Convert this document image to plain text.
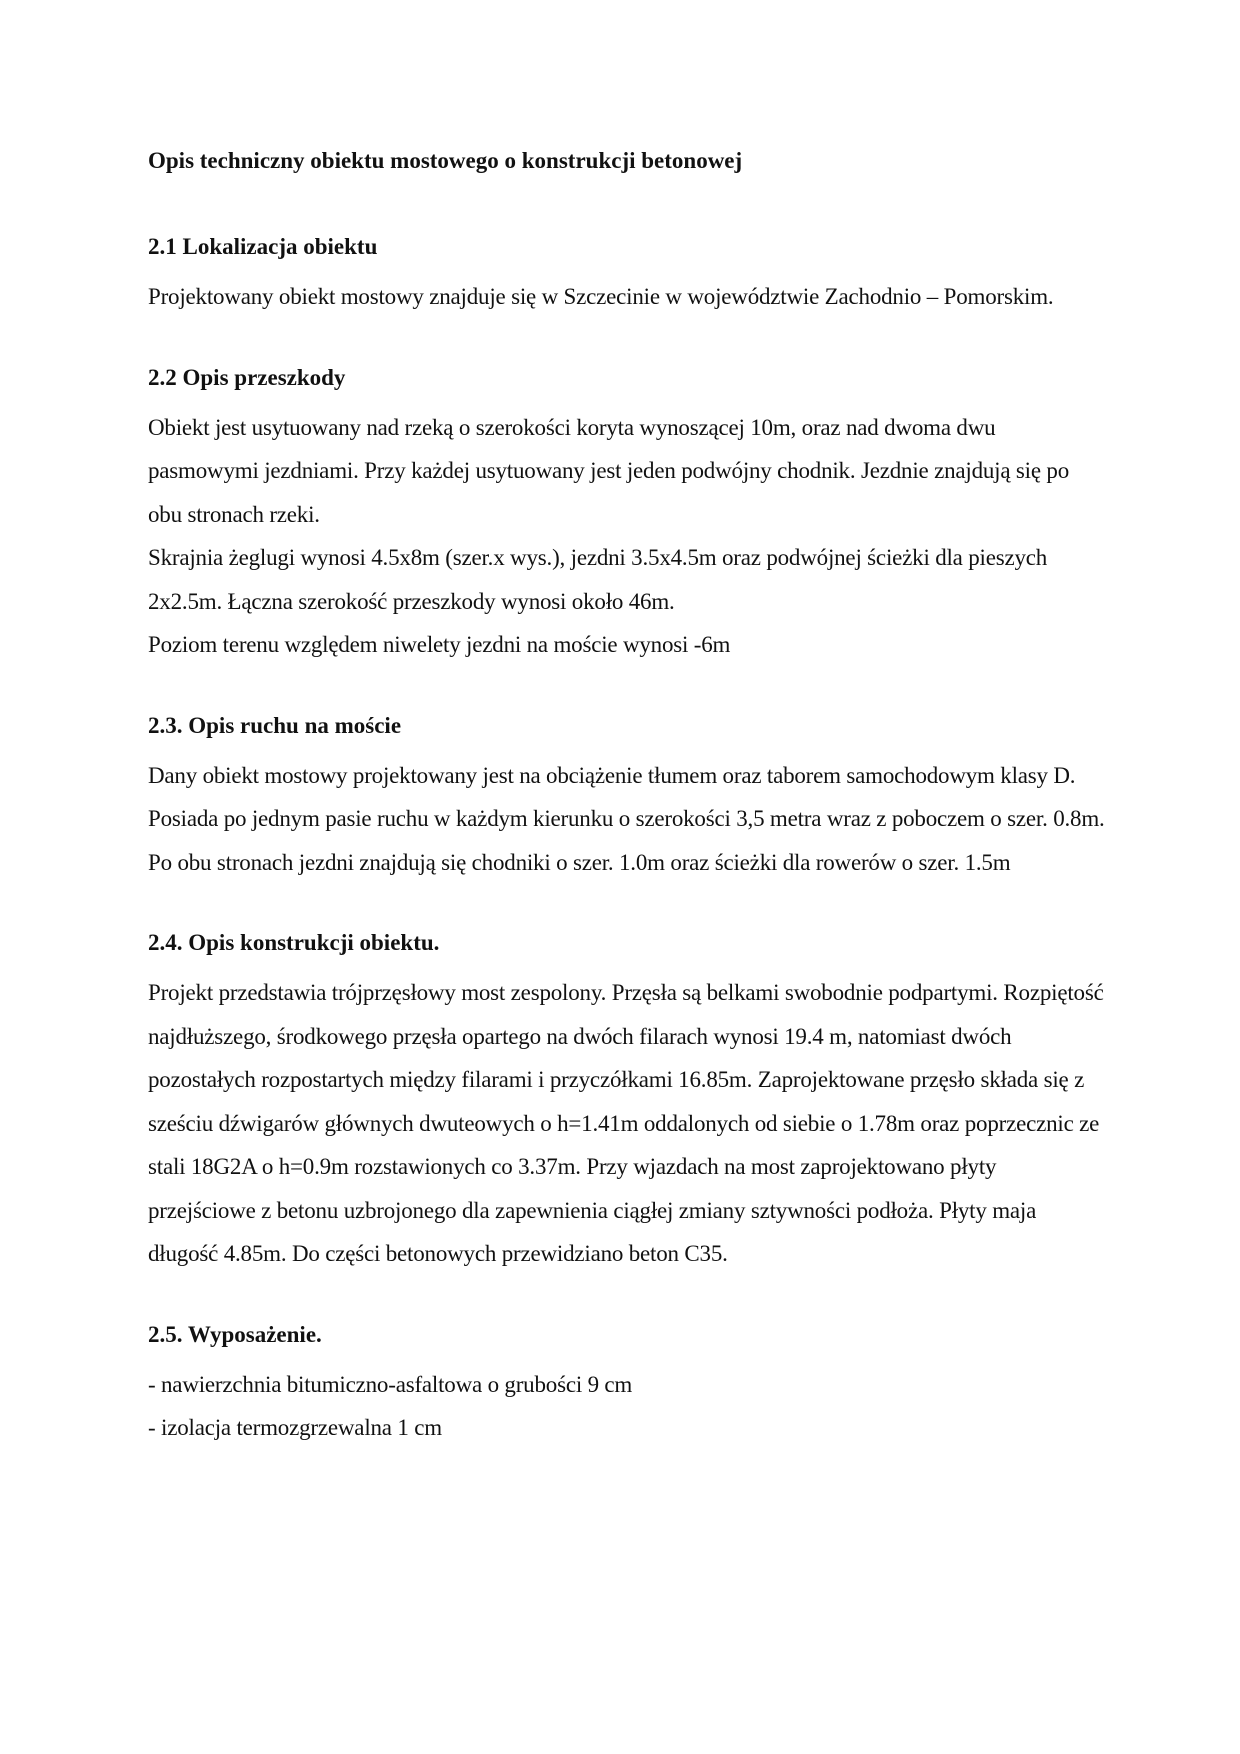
Opis techniczny obiektu mostowego o konstrukcji betonowej
2.1 Lokalizacja obiektu

Projektowany obiekt mostowy znajduje się w Szczecinie w województwie Zachodnio – Pomorskim.

2.2 Opis przeszkody

Obiekt jest usytuowany nad rzeką o szerokości koryta wynoszącej 10m, oraz nad dwoma dwu pasmowymi jezdniami. Przy każdej usytuowany jest jeden podwójny chodnik. Jezdnie znajdują się po obu stronach rzeki.

Skrajnia żeglugi wynosi 4.5x8m (szer.x wys.), jezdni 3.5x4.5m oraz podwójnej ścieżki dla pieszych 2x2.5m. Łączna szerokość przeszkody wynosi około 46m.

Poziom terenu względem niwelety jezdni na moście wynosi -6m

2.3. Opis ruchu na moście

Dany obiekt mostowy projektowany jest na obciążenie tłumem oraz taborem samochodowym klasy D.

Posiada po jednym pasie ruchu w każdym kierunku o szerokości 3,5 metra wraz z poboczem o szer. 0.8m. Po obu stronach jezdni znajdują się chodniki o szer. 1.0m oraz ścieżki dla rowerów o szer. 1.5m

2.4. Opis konstrukcji obiektu.

Projekt przedstawia trójprzęsłowy most zespolony. Przęsła są belkami swobodnie podpartymi. Rozpiętość najdłuższego, środkowego przęsła opartego na dwóch filarach wynosi 19.4 m, natomiast dwóch pozostałych rozpostartych między filarami i przyczółkami 16.85m. Zaprojektowane przęsło składa się z sześciu dźwigarów głównych dwuteowych o h=1.41m oddalonych od siebie o 1.78m oraz poprzecznic ze stali 18G2A o h=0.9m rozstawionych co 3.37m. Przy wjazdach na most zaprojektowano płyty przejściowe z betonu uzbrojonego dla zapewnienia ciągłej zmiany sztywności podłoża. Płyty maja długość 4.85m. Do części betonowych przewidziano beton C35.

2.5. Wyposażenie.

- nawierzchnia bitumiczno-asfaltowa o grubości 9 cm

- izolacja termozgrzewalna 1 cm
